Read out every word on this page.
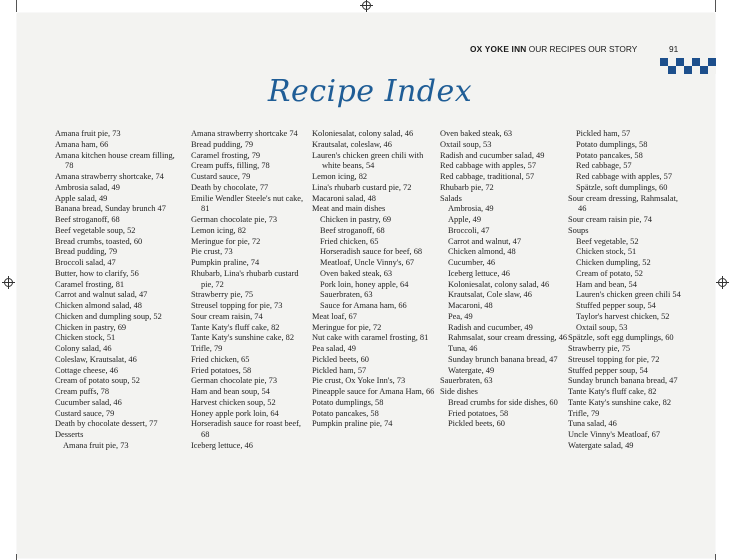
OX YOKE INN OUR RECIPES OUR STORY	91
Recipe Index
Amana fruit pie, 73
Amana ham, 66
Amana kitchen house cream filling, 78
Amana strawberry shortcake, 74
Ambrosia salad, 49
Apple salad, 49
Banana bread, Sunday brunch 47
Beef stroganoff, 68
Beef vegetable soup, 52
Bread crumbs, toasted, 60
Bread pudding, 79
Broccoli salad, 47
Butter, how to clarify, 56
Caramel frosting, 81
Carrot and walnut salad, 47
Chicken almond salad, 48
Chicken and dumpling soup, 52
Chicken in pastry, 69
Chicken stock, 51
Colony salad, 46
Coleslaw, Krautsalat, 46
Cottage cheese, 46
Cream of potato soup, 52
Cream puffs, 78
Cucumber salad, 46
Custard sauce, 79
Death by chocolate dessert, 77
Desserts
Amana fruit pie, 73
Amana strawberry shortcake 74
Bread pudding, 79
Caramel frosting, 79
Cream puffs, filling, 78
Custard sauce, 79
Death by chocolate, 77
Emilie Wendler Steele's nut cake, 81
German chocolate pie, 73
Lemon icing, 82
Meringue for pie, 72
Pie crust, 73
Pumpkin praline, 74
Rhubarb, Lina's rhubarb custard pie, 72
Strawberry pie, 75
Streusel topping for pie, 73
Sour cream raisin, 74
Tante Katy's fluff cake, 82
Tante Katy's sunshine cake, 82
Trifle, 79
Fried chicken, 65
Fried potatoes, 58
German chocolate pie, 73
Ham and bean soup, 54
Harvest chicken soup, 52
Honey apple pork loin, 64
Horseradish sauce for roast beef, 68
Iceberg lettuce, 46
Koloniesalat, colony salad, 46
Krautsalat, coleslaw, 46
Lauren's chicken green chili with white beans, 54
Lemon icing, 82
Lina's rhubarb custard pie, 72
Macaroni salad, 48
Meat and main dishes
Chicken in pastry, 69
Beef stroganoff, 68
Fried chicken, 65
Horseradish sauce for beef, 68
Meatloaf, Uncle Vinny's, 67
Oven baked steak, 63
Pork loin, honey apple, 64
Sauerbraten, 63
Sauce for Amana ham, 66
Meat loaf, 67
Meringue for pie, 72
Nut cake with caramel frosting, 81
Pea salad, 49
Pickled beets, 60
Pickled ham, 57
Pie crust, Ox Yoke Inn's, 73
Pineapple sauce for Amana Ham, 66
Potato dumplings, 58
Potato pancakes, 58
Pumpkin praline pie, 74
Oven baked steak, 63
Oxtail soup, 53
Radish and cucumber salad, 49
Red cabbage with apples, 57
Red cabbage, traditional, 57
Rhubarb pie, 72
Salads
Ambrosia, 49
Apple, 49
Broccoli, 47
Carrot and walnut, 47
Chicken almond, 48
Cucumber, 46
Iceberg lettuce, 46
Koloniesalat, colony salad, 46
Krautsalat, Cole slaw, 46
Macaroni, 48
Pea, 49
Radish and cucumber, 49
Rahmsalat, sour cream dressing, 46
Tuna, 46
Sunday brunch banana bread, 47
Watergate, 49
Sauerbraten, 63
Side dishes
Bread crumbs for side dishes, 60
Fried potatoes, 58
Pickled beets, 60
Pickled ham, 57
Potato dumplings, 58
Potato pancakes, 58
Red cabbage, 57
Red cabbage with apples, 57
Spätzle, soft dumplings, 60
Sour cream dressing, Rahmsalat, 46
Sour cream raisin pie, 74
Soups
Beef vegetable, 52
Chicken stock, 51
Chicken dumpling, 52
Cream of potato, 52
Ham and bean, 54
Lauren's chicken green chili 54
Stuffed pepper soup, 54
Taylor's harvest chicken, 52
Oxtail soup, 53
Spätzle, soft egg dumplings, 60
Strawberry pie, 75
Streusel topping for pie, 72
Stuffed pepper soup, 54
Sunday brunch banana bread, 47
Tante Katy's fluff cake, 82
Tante Katy's sunshine cake, 82
Trifle, 79
Tuna salad, 46
Uncle Vinny's Meatloaf, 67
Watergate salad, 49
